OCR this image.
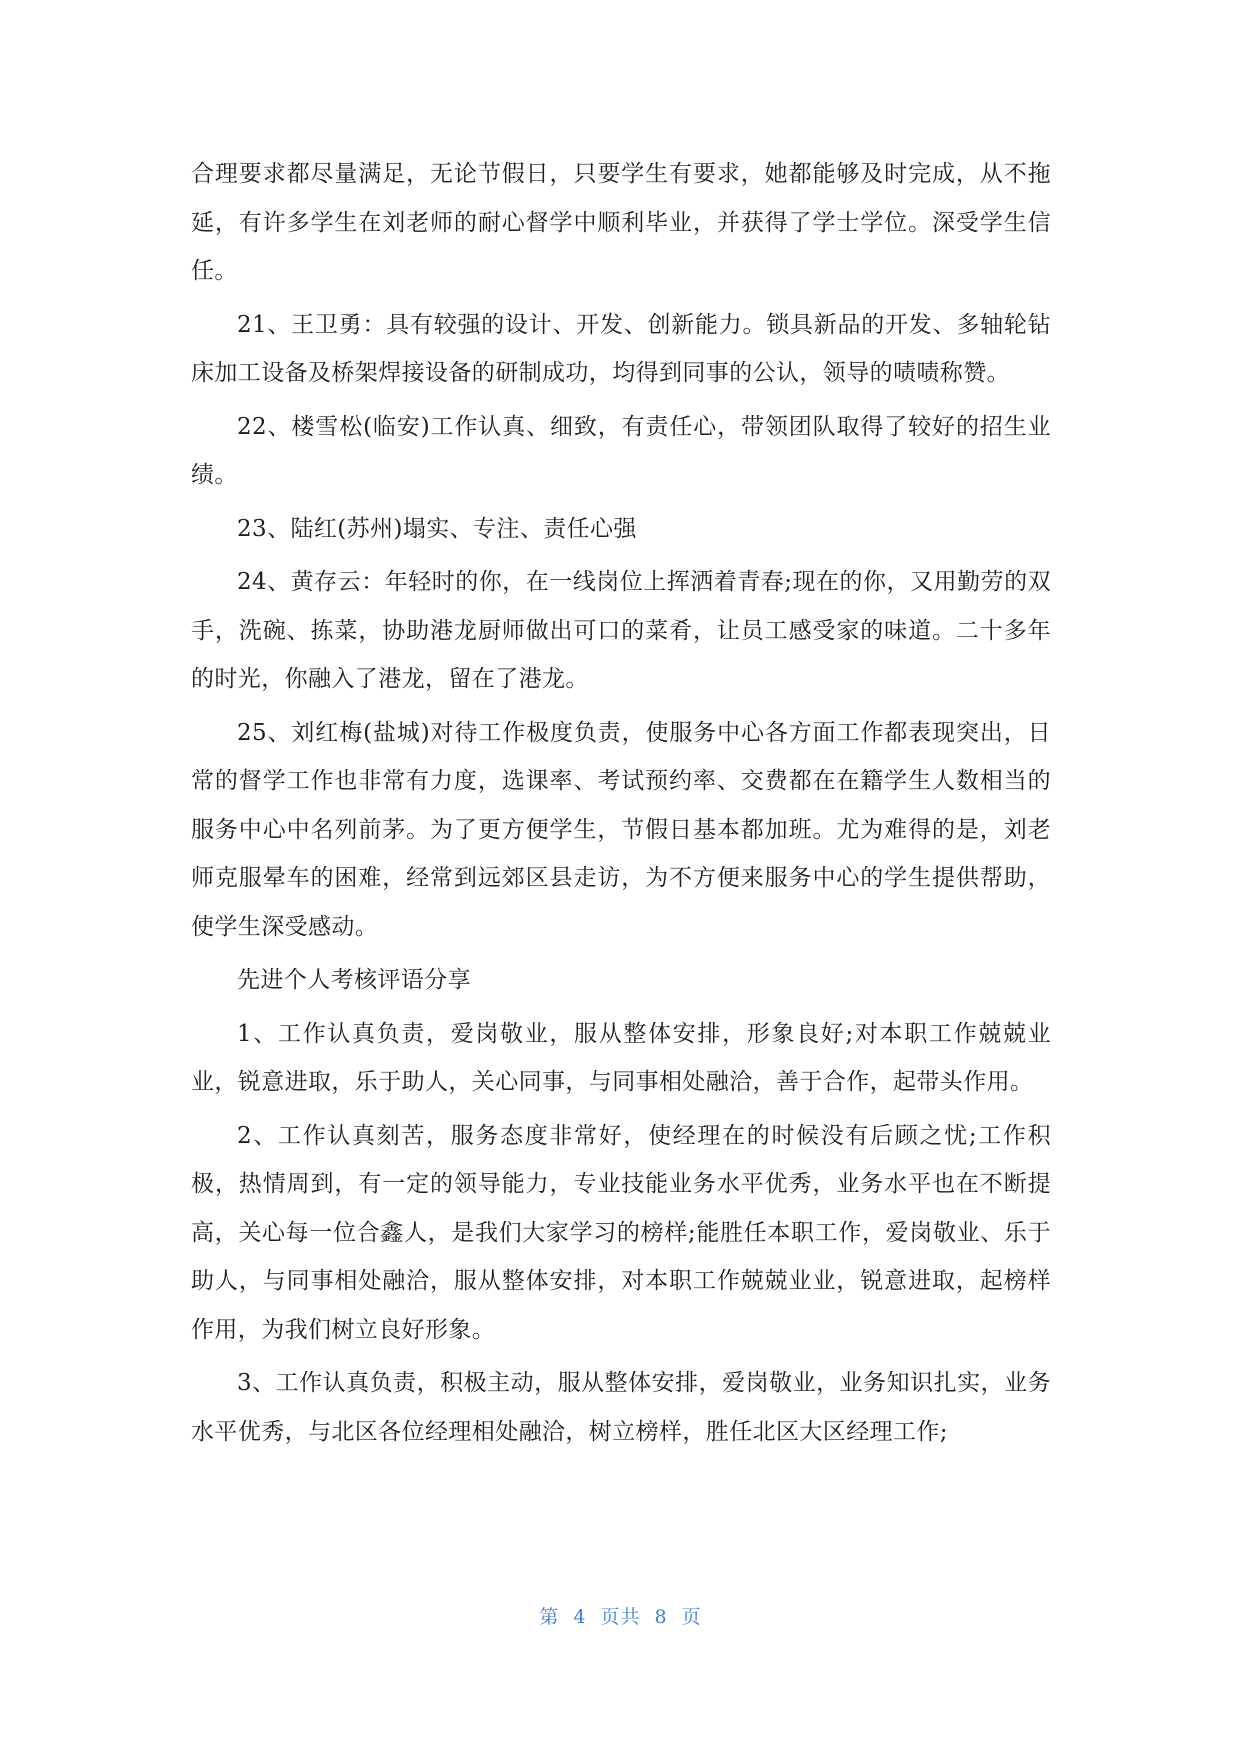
合理要求都尽量满足，无论节假日，只要学生有要求，她都能够及时完成，从不拖延，有许多学生在刘老师的耐心督学中顺利毕业，并获得了学士学位。深受学生信任。

21、王卫勇：具有较强的设计、开发、创新能力。锁具新品的开发、多轴轮钻床加工设备及桥架焊接设备的研制成功，均得到同事的公认，领导的啧啧称赞。

22、楼雪松(临安)工作认真、细致，有责任心，带领团队取得了较好的招生业绩。

23、陆红(苏州)塌实、专注、责任心强

24、黄存云：年轻时的你，在一线岗位上挥洒着青春;现在的你，又用勤劳的双手，洗碗、拣菜，协助港龙厨师做出可口的菜肴，让员工感受家的味道。二十多年的时光，你融入了港龙，留在了港龙。

25、刘红梅(盐城)对待工作极度负责，使服务中心各方面工作都表现突出，日常的督学工作也非常有力度，选课率、考试预约率、交费都在在籍学生人数相当的服务中心中名列前茅。为了更方便学生，节假日基本都加班。尤为难得的是，刘老师克服晕车的困难，经常到远郊区县走访，为不方便来服务中心的学生提供帮助，使学生深受感动。

先进个人考核评语分享

1、工作认真负责，爱岗敬业，服从整体安排，形象良好;对本职工作兢兢业业，锐意进取，乐于助人，关心同事，与同事相处融洽，善于合作，起带头作用。

2、工作认真刻苦，服务态度非常好，使经理在的时候没有后顾之忧;工作积极，热情周到，有一定的领导能力，专业技能业务水平优秀，业务水平也在不断提高，关心每一位合鑫人，是我们大家学习的榜样;能胜任本职工作，爱岗敬业、乐于助人，与同事相处融洽，服从整体安排，对本职工作兢兢业业，锐意进取，起榜样作用，为我们树立良好形象。

3、工作认真负责，积极主动，服从整体安排，爱岗敬业，业务知识扎实，业务水平优秀，与北区各位经理相处融洽，树立榜样，胜任北区大区经理工作;

第 4 页共 8 页
